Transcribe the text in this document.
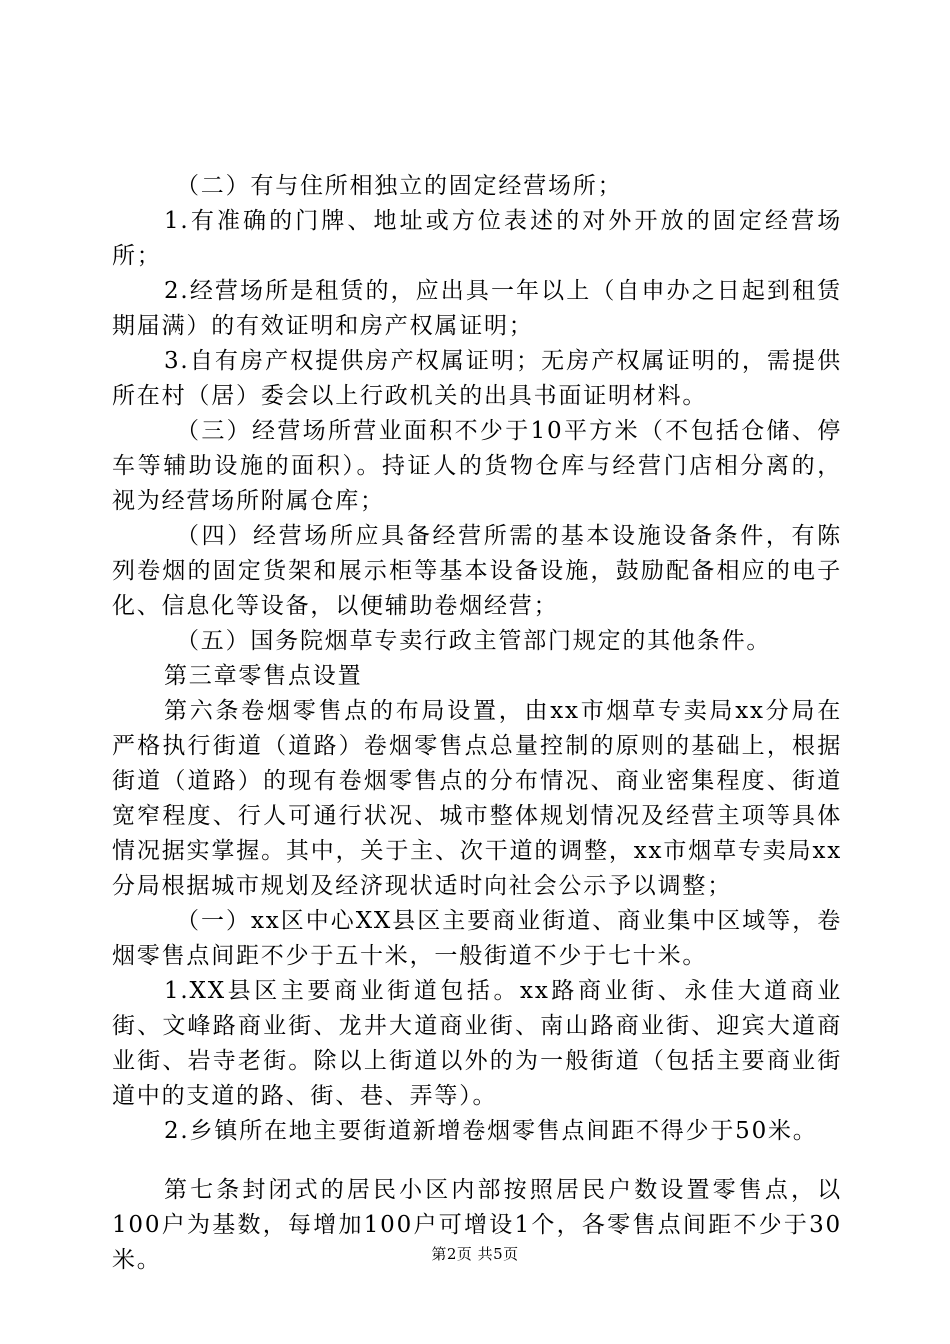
（二）有与住所相独立的固定经营场所；

1.有准确的门牌、地址或方位表述的对外开放的固定经营场所；

2.经营场所是租赁的，应出具一年以上（自申办之日起到租赁期届满）的有效证明和房产权属证明；

3.自有房产权提供房产权属证明；无房产权属证明的，需提供所在村（居）委会以上行政机关的出具书面证明材料。

（三）经营场所营业面积不少于10平方米（不包括仓储、停车等辅助设施的面积）。持证人的货物仓库与经营门店相分离的，视为经营场所附属仓库；

（四）经营场所应具备经营所需的基本设施设备条件，有陈列卷烟的固定货架和展示柜等基本设备设施，鼓励配备相应的电子化、信息化等设备，以便辅助卷烟经营；

（五）国务院烟草专卖行政主管部门规定的其他条件。

第三章零售点设置

第六条卷烟零售点的布局设置，由xx市烟草专卖局xx分局在严格执行街道（道路）卷烟零售点总量控制的原则的基础上，根据街道（道路）的现有卷烟零售点的分布情况、商业密集程度、街道宽窄程度、行人可通行状况、城市整体规划情况及经营主项等具体情况据实掌握。其中，关于主、次干道的调整，xx市烟草专卖局xx分局根据城市规划及经济现状适时向社会公示予以调整；

（一）xx区中心XX县区主要商业街道、商业集中区域等，卷烟零售点间距不少于五十米，一般街道不少于七十米。

1.XX县区主要商业街道包括。xx路商业街、永佳大道商业街、文峰路商业街、龙井大道商业街、南山路商业街、迎宾大道商业街、岩寺老街。除以上街道以外的为一般街道（包括主要商业街道中的支道的路、街、巷、弄等）。

2.乡镇所在地主要街道新增卷烟零售点间距不得少于50米。

第七条封闭式的居民小区内部按照居民户数设置零售点，以100户为基数，每增加100户可增设1个，各零售点间距不少于30米。	第2页 共5页
